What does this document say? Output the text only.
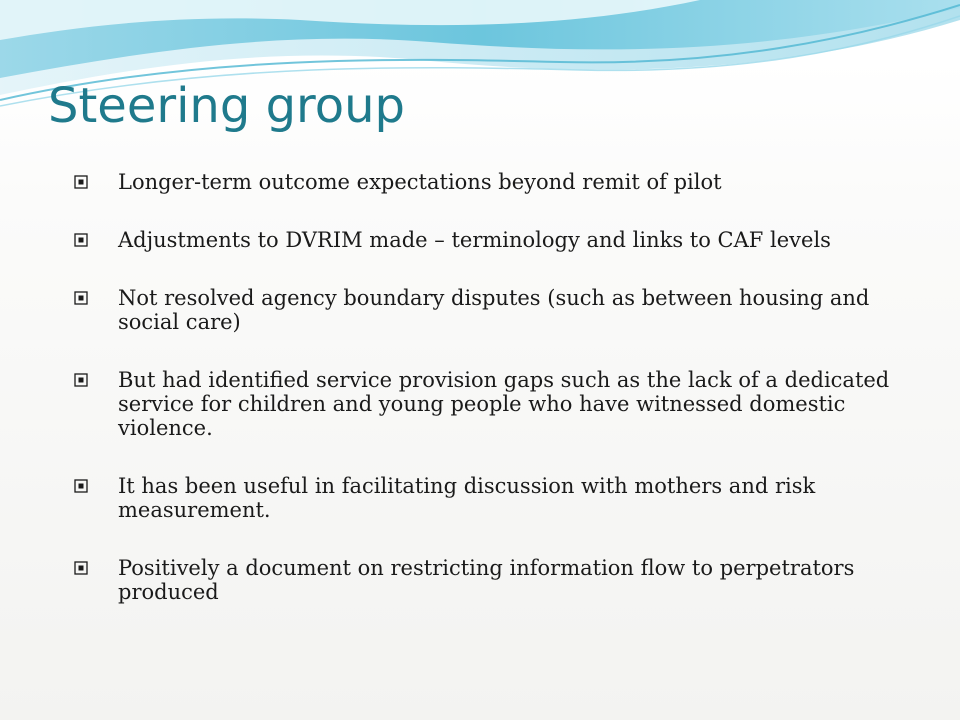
Steering group
Longer-term outcome expectations beyond remit of pilot
Adjustments to DVRIM made – terminology and links to CAF levels
Not resolved agency boundary disputes (such as between housing and social care)
But had identified service provision gaps such as the lack of a dedicated service for children and young people who have witnessed domestic violence.
It has been useful in facilitating discussion with mothers and risk measurement.
Positively a document on restricting information flow to perpetrators produced
